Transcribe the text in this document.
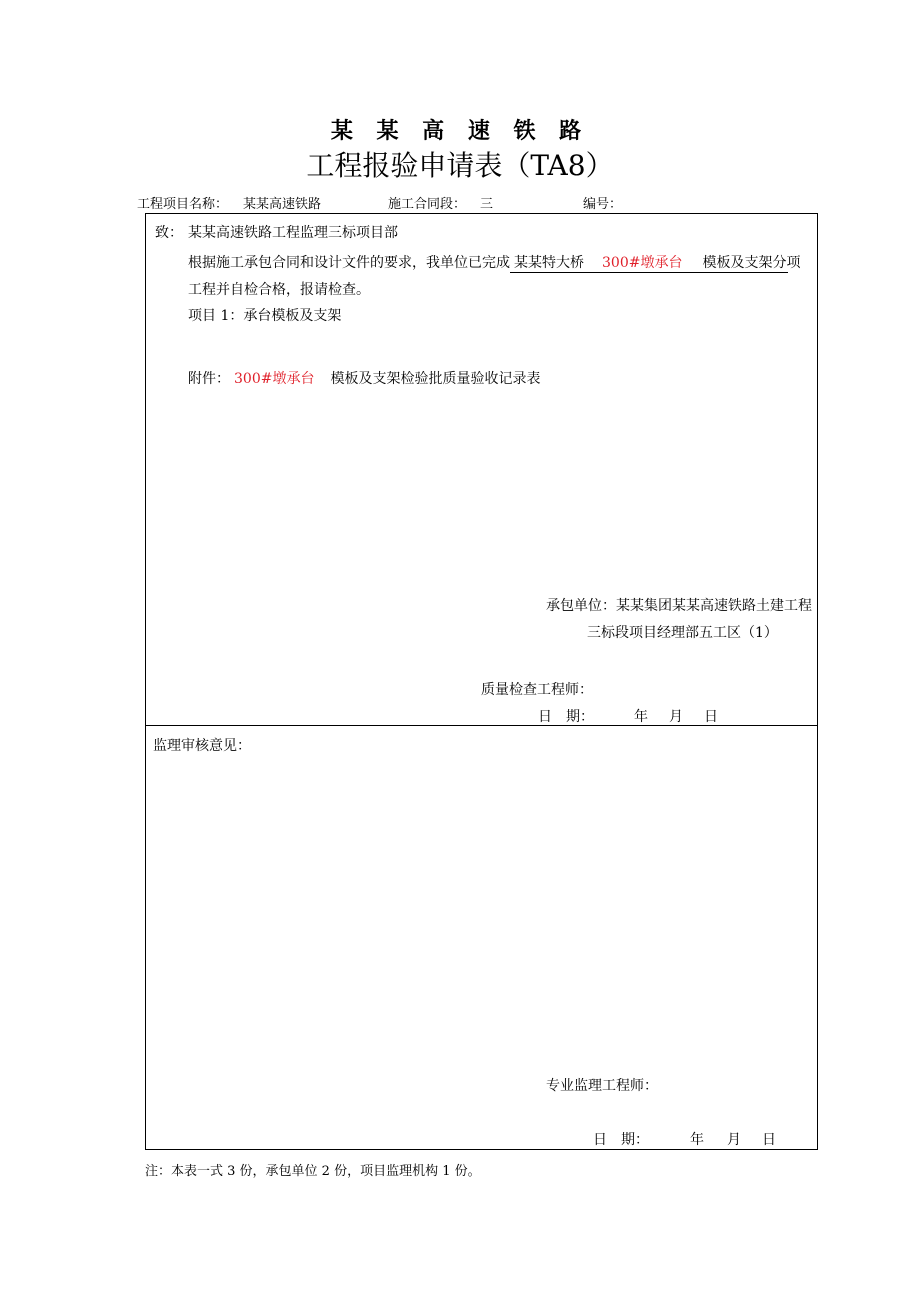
某 某 高 速 铁 路
工程报验申请表（TA8）
工程项目名称： 某某高速铁路	施工合同段： 三	编号：
致： 某某高速铁路工程监理三标项目部
根据施工承包合同和设计文件的要求，我单位已完成 某某特大桥 300#墩承台 模板及支架分项
工程并自检合格，报请检查。
项目 1：承台模板及支架
附件： 300#墩承台 模板及支架检验批质量验收记录表
承包单位：某某集团某某高速铁路土建工程
三标段项目经理部五工区（1）
质量检查工程师：
日　期：	年 月 日
监理审核意见：
专业监理工程师：
日　期：	年 月 日
注：本表一式 3 份，承包单位 2 份，项目监理机构 1 份。
